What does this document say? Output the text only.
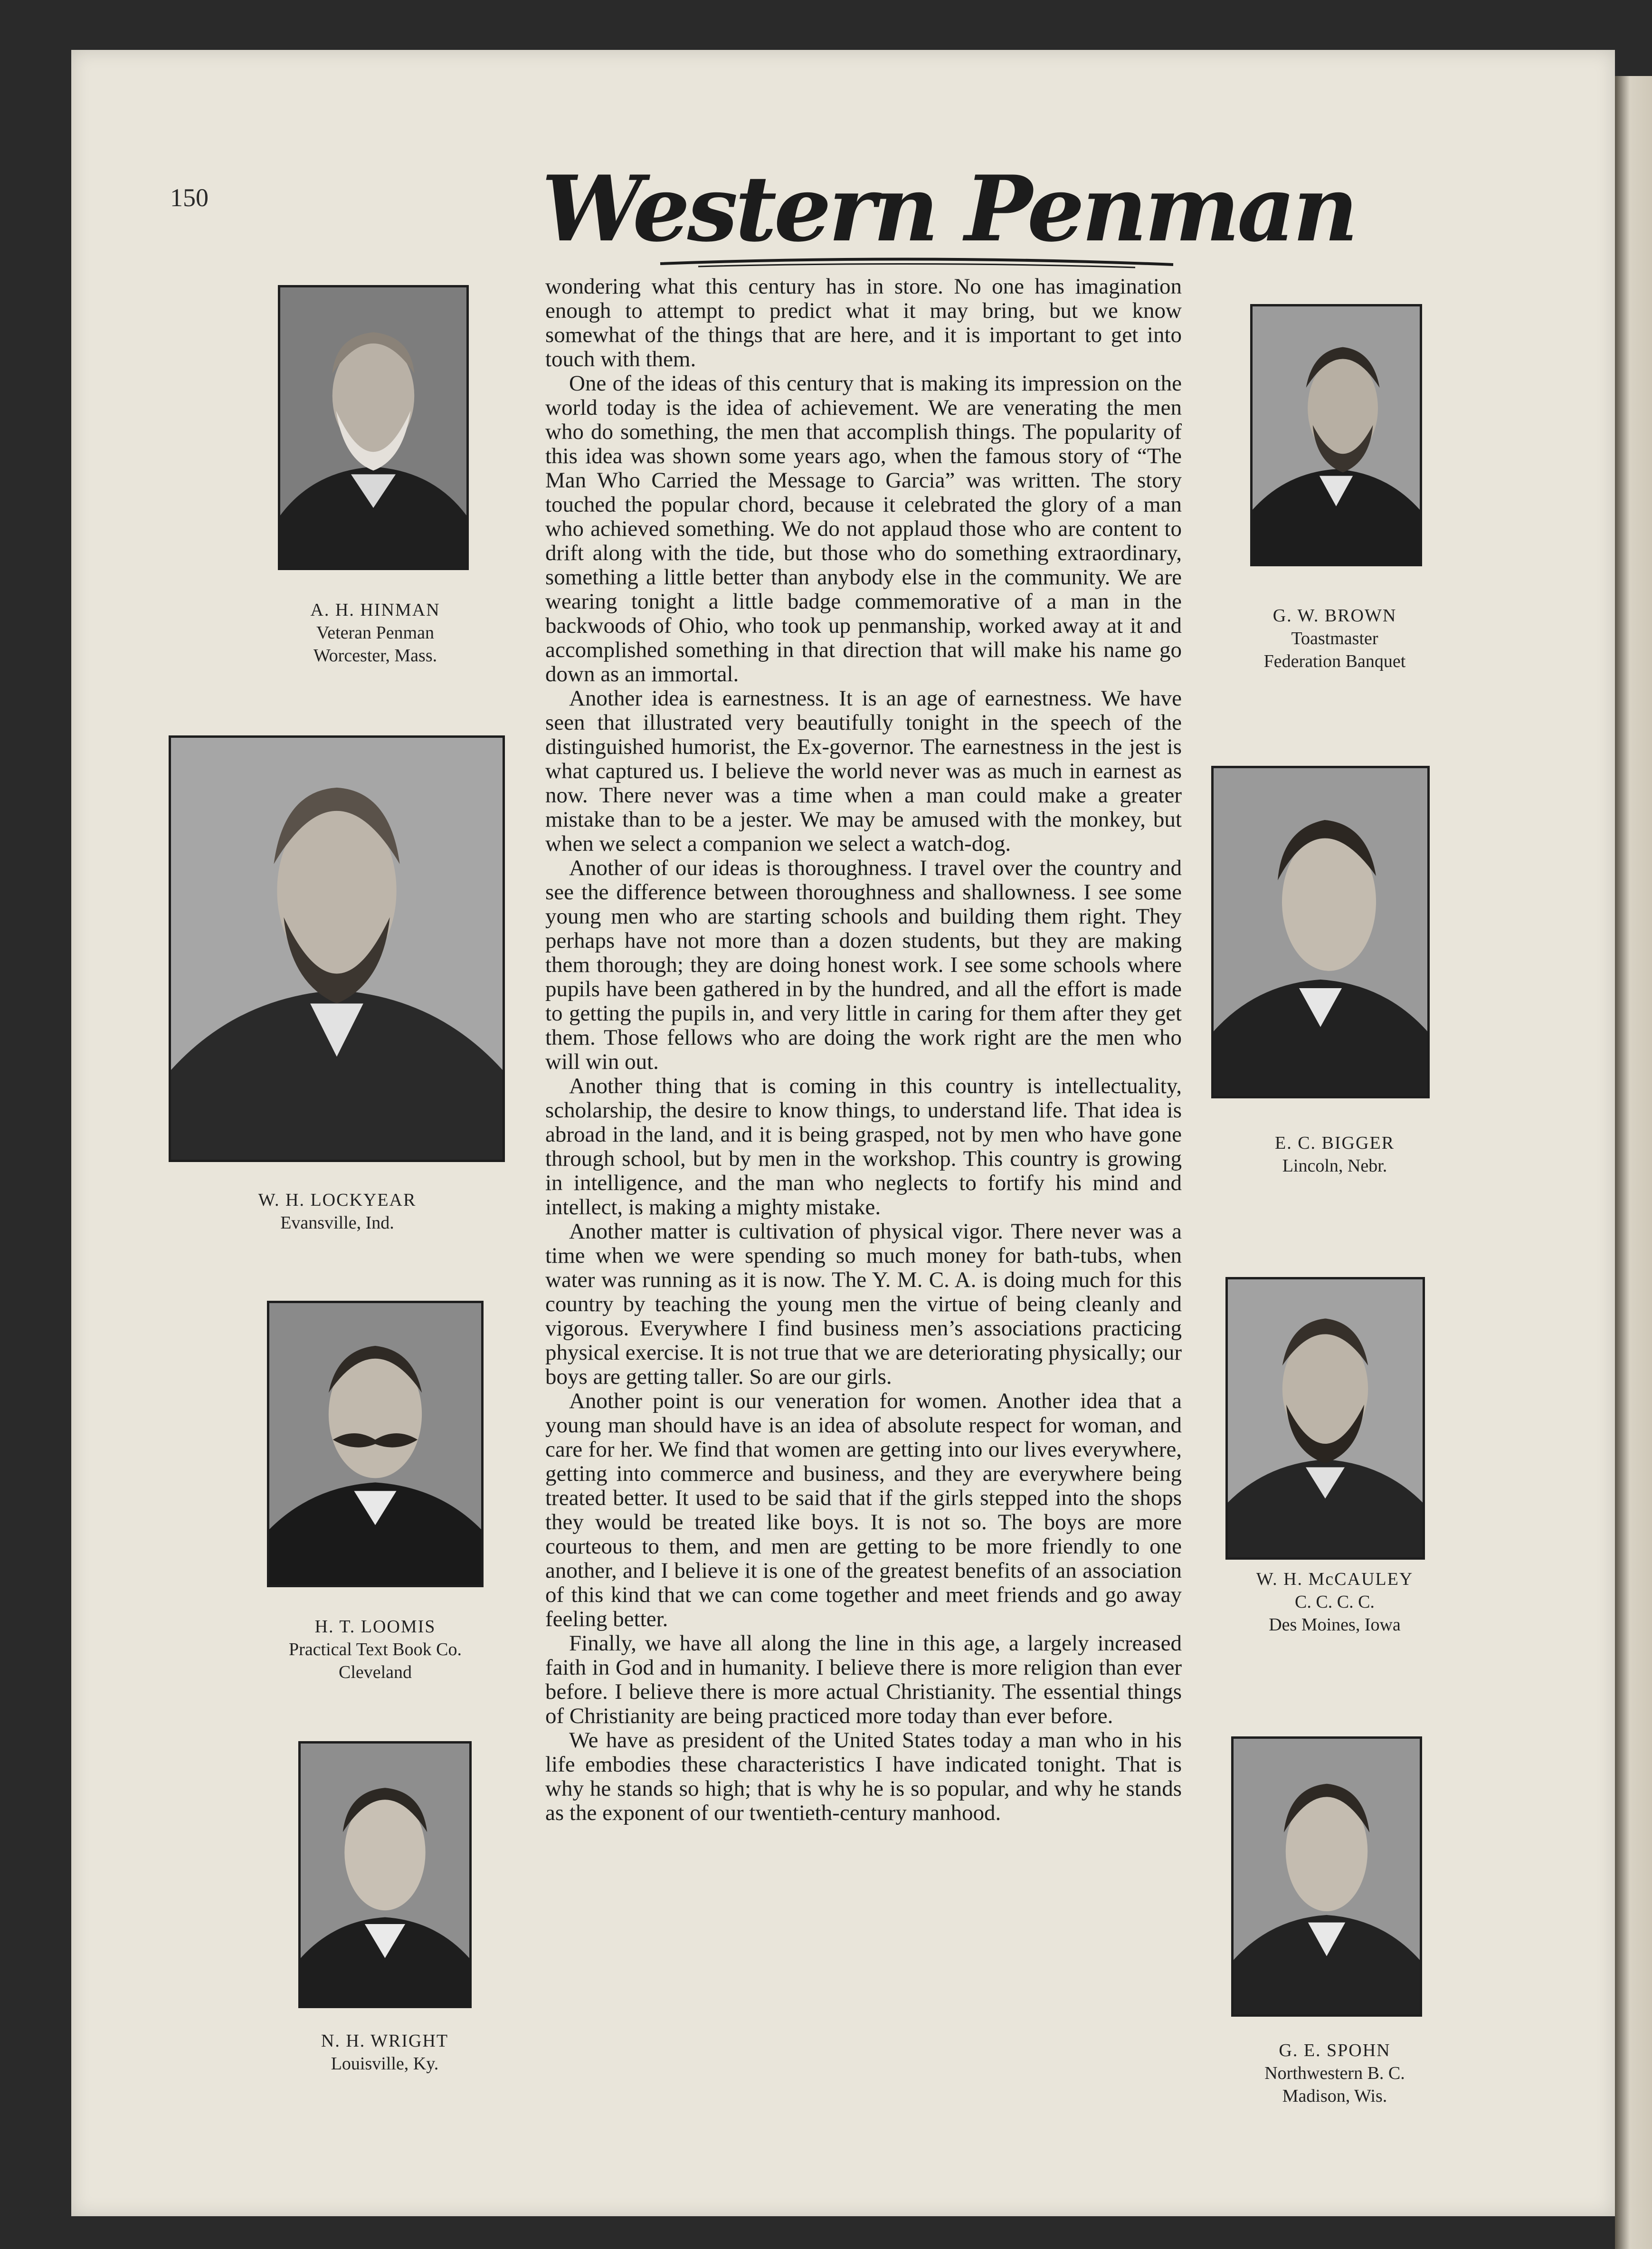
150	Western Penman
A. H. HINMAN
Veteran Penman
Worcester, Mass.
W. H. LOCKYEAR
Evansville, Ind.
H. T. LOOMIS
Practical Text Book Co.
Cleveland
N. H. WRIGHT
Louisville, Ky.

wondering what this century has in store. No one has imagination enough to attempt to predict what it may bring, but we know somewhat of the things that are here, and it is important to get into touch with them.

One of the ideas of this century that is making its impression on the world today is the idea of achievement. We are venerating the men who do something, the men that accomplish things. The popularity of this idea was shown some years ago, when the famous story of “The Man Who Carried the Message to Garcia” was written. The story touched the popular chord, because it celebrated the glory of a man who achieved something. We do not applaud those who are content to drift along with the tide, but those who do something extraordinary, something a little better than anybody else in the community. We are wearing tonight a little badge commemorative of a man in the backwoods of Ohio, who took up penmanship, worked away at it and accomplished something in that direction that will make his name go down as an immortal.

Another idea is earnestness. It is an age of earnestness. We have seen that illustrated very beautifully tonight in the speech of the distinguished humorist, the Ex-governor. The earnestness in the jest is what captured us. I believe the world never was as much in earnest as now. There never was a time when a man could make a greater mistake than to be a jester. We may be amused with the monkey, but when we select a companion we select a watch-dog.

Another of our ideas is thoroughness. I travel over the country and see the difference between thoroughness and shallowness. I see some young men who are starting schools and building them right. They perhaps have not more than a dozen students, but they are making them thorough; they are doing honest work. I see some schools where pupils have been gathered in by the hundred, and all the effort is made to getting the pupils in, and very little in caring for them after they get them. Those fellows who are doing the work right are the men who will win out.

Another thing that is coming in this country is intellectuality, scholarship, the desire to know things, to understand life. That idea is abroad in the land, and it is being grasped, not by men who have gone through school, but by men in the workshop. This country is growing in intelligence, and the man who neglects to fortify his mind and intellect, is making a mighty mistake.

Another matter is cultivation of physical vigor. There never was a time when we were spending so much money for bath-tubs, when water was running as it is now. The Y. M. C. A. is doing much for this country by teaching the young men the virtue of being cleanly and vigorous. Everywhere I find business men’s associations practicing physical exercise. It is not true that we are deteriorating physically; our boys are getting taller. So are our girls.

Another point is our veneration for women. Another idea that a young man should have is an idea of absolute respect for woman, and care for her. We find that women are getting into our lives everywhere, getting into commerce and business, and they are everywhere being treated better. It used to be said that if the girls stepped into the shops they would be treated like boys. It is not so. The boys are more courteous to them, and men are getting to be more friendly to one another, and I believe it is one of the greatest benefits of an association of this kind that we can come together and meet friends and go away feeling better.

Finally, we have all along the line in this age, a largely increased faith in God and in humanity. I believe there is more religion than ever before. I believe there is more actual Christianity. The essential things of Christianity are being practiced more today than ever before.

We have as president of the United States today a man who in his life embodies these characteristics I have indicated tonight. That is why he stands so high; that is why he is so popular, and why he stands as the exponent of our twentieth-century manhood.

G. W. BROWN
Toastmaster
Federation Banquet
E. C. BIGGER
Lincoln, Nebr.
W. H. McCAULEY
C. C. C. C.
Des Moines, Iowa
G. E. SPOHN
Northwestern B. C.
Madison, Wis.
